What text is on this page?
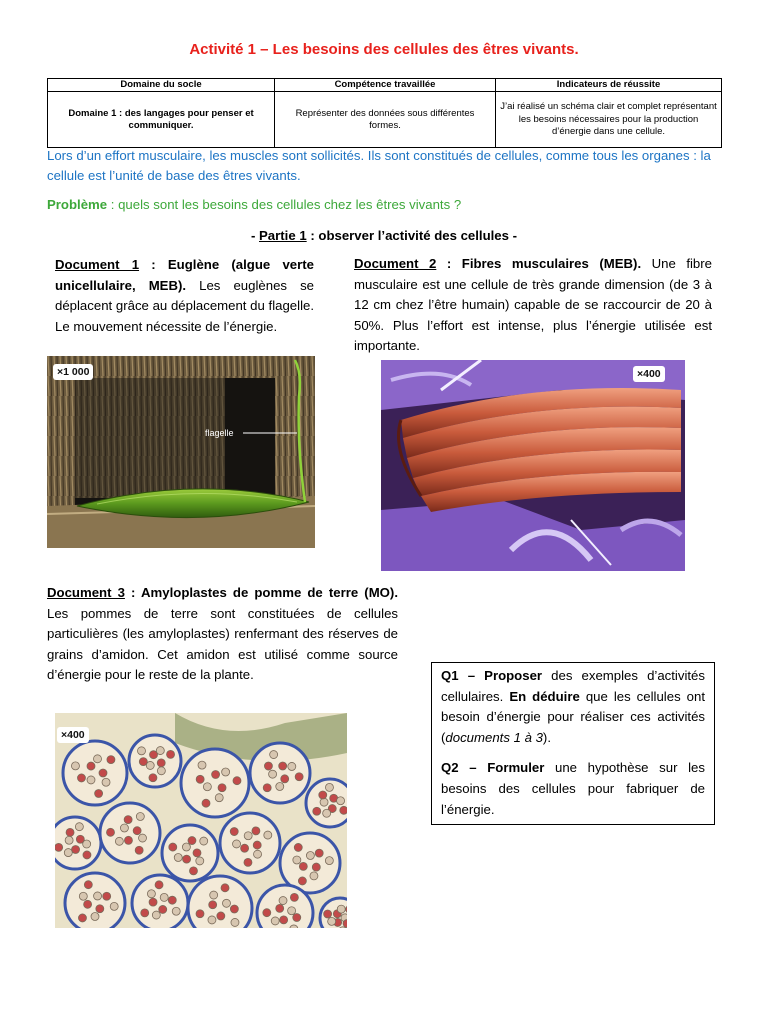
Activité 1 – Les besoins des cellules des êtres vivants.
Domaine du socle	Compétence travaillée	Indicateurs de réussite
Domaine 1 : des langages pour penser et communiquer.	Représenter des données sous différentes formes.	J’ai réalisé un schéma clair et complet représentant les besoins nécessaires pour la production d’énergie dans une cellule.
Lors d’un effort musculaire, les muscles sont sollicités. Ils sont constitués de cellules, comme tous les organes : la cellule est l’unité de base des êtres vivants.
Problème : quels sont les besoins des cellules chez les êtres vivants ?
- Partie 1 : observer l’activité des cellules -
Document 1 : Euglène (algue verte unicellulaire, MEB). Les euglènes se déplacent grâce au déplacement du flagelle. Le mouvement nécessite de l’énergie.
flagelle
×1 000
Document 2 : Fibres musculaires (MEB). Une fibre musculaire est une cellule de très grande dimension (de 3 à 12 cm chez l’être humain) capable de se raccourcir de 20 à 50%. Plus l’effort est intense, plus l’énergie utilisée est importante.
×400
Document 3 : Amyloplastes de pomme de terre (MO). Les pommes de terre sont constituées de cellules particulières (les amyloplastes) renfermant des réserves de grains d’amidon. Cet amidon est utilisé comme source d’énergie pour le reste de la plante.
×400

Q1 – Proposer des exemples d’activités cellulaires. En déduire que les cellules ont besoin d’énergie pour réaliser ces activités (documents 1 à 3).

Q2 – Formuler une hypothèse sur les besoins des cellules pour fabriquer de l’énergie.
